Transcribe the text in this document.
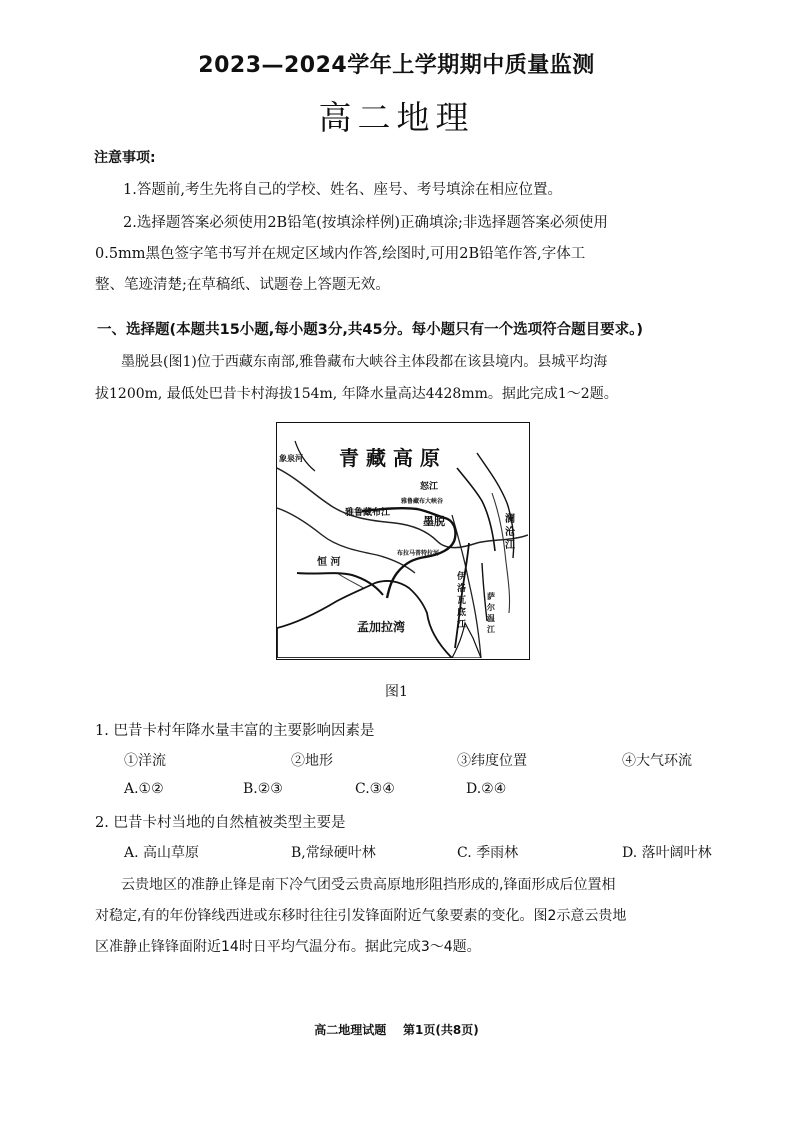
2023—2024学年上学期期中质量监测
高二地理
注意事项:
1.答题前,考生先将自己的学校、姓名、座号、考号填涂在相应位置。
2.选择题答案必须使用2B铅笔(按填涂样例)正确填涂;非选择题答案必须使用
0.5mm黑色签字笔书写并在规定区域内作答,绘图时,可用2B铅笔作答,字体工
整、笔迹清楚;在草稿纸、试题卷上答题无效。
一、选择题(本题共15小题,每小题3分,共45分。每小题只有一个选项符合题目要求。)
墨脱县(图1)位于西藏东南部,雅鲁藏布大峡谷主体段都在该县境内。县城平均海
拔1200m, 最低处巴昔卡村海拔154m, 年降水量高达4428mm。据此完成1～2题。
青 藏 高 原
象泉河
雅鲁藏布江
怒江
雅鲁藏布大峡谷
墨脱
布拉马普特拉河
恒 河
孟加拉湾
澜沧江
伊洛瓦底江
萨尔温江
图1
1. 巴昔卡村年降水量丰富的主要影响因素是
①洋流	②地形	③纬度位置	④大气环流
A.①②	B.②③	C.③④	D.②④
2. 巴昔卡村当地的自然植被类型主要是
A. 高山草原	B,常绿硬叶林	C. 季雨林	D. 落叶阔叶林
云贵地区的准静止锋是南下冷气团受云贵高原地形阻挡形成的,锋面形成后位置相
对稳定,有的年份锋线西进或东移时往往引发锋面附近气象要素的变化。图2示意云贵地
区准静止锋锋面附近14时日平均气温分布。据此完成3～4题。
高二地理试题    第1页(共8页)
